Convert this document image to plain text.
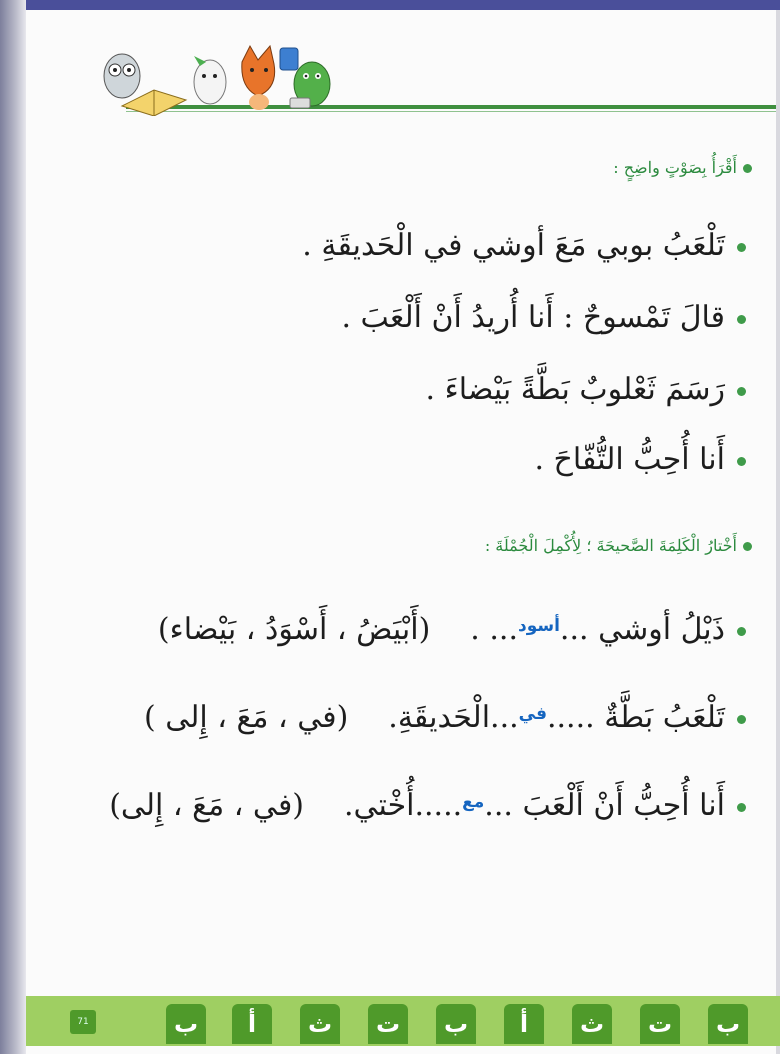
أَقْرَأُ بِصَوْتٍ واضِحٍ :
تَلْعَبُ بوبي مَعَ أوشي في الْحَديقَةِ .
قالَ تَمْسوحٌ : أَنا أُريدُ أَنْ أَلْعَبَ .
رَسَمَ ثَعْلوبٌ بَطَّةً بَيْضاءَ .
أَنا أُحِبُّ التُّفّاحَ .
أَخْتارُ الْكَلِمَةَ الصَّحيحَةَ ؛ لِأُكْمِلَ الْجُمْلَةَ :
ذَيْلُ أوشي ...$^{أسود}$... .(أَبْيَضُ ، أَسْوَدُ ، بَيْضاء)
تَلْعَبُ بَطَّةٌ .....$^{في}$...الْحَديقَةِ.(في ، مَعَ ، إِلى )
أَنا أُحِبُّ أَنْ أَلْعَبَ ...$^{مع}$.....أُخْتي.(في ، مَعَ ، إِلى)
71	ب	أ	ث	ت	ب	أ	ث	ت	ب
